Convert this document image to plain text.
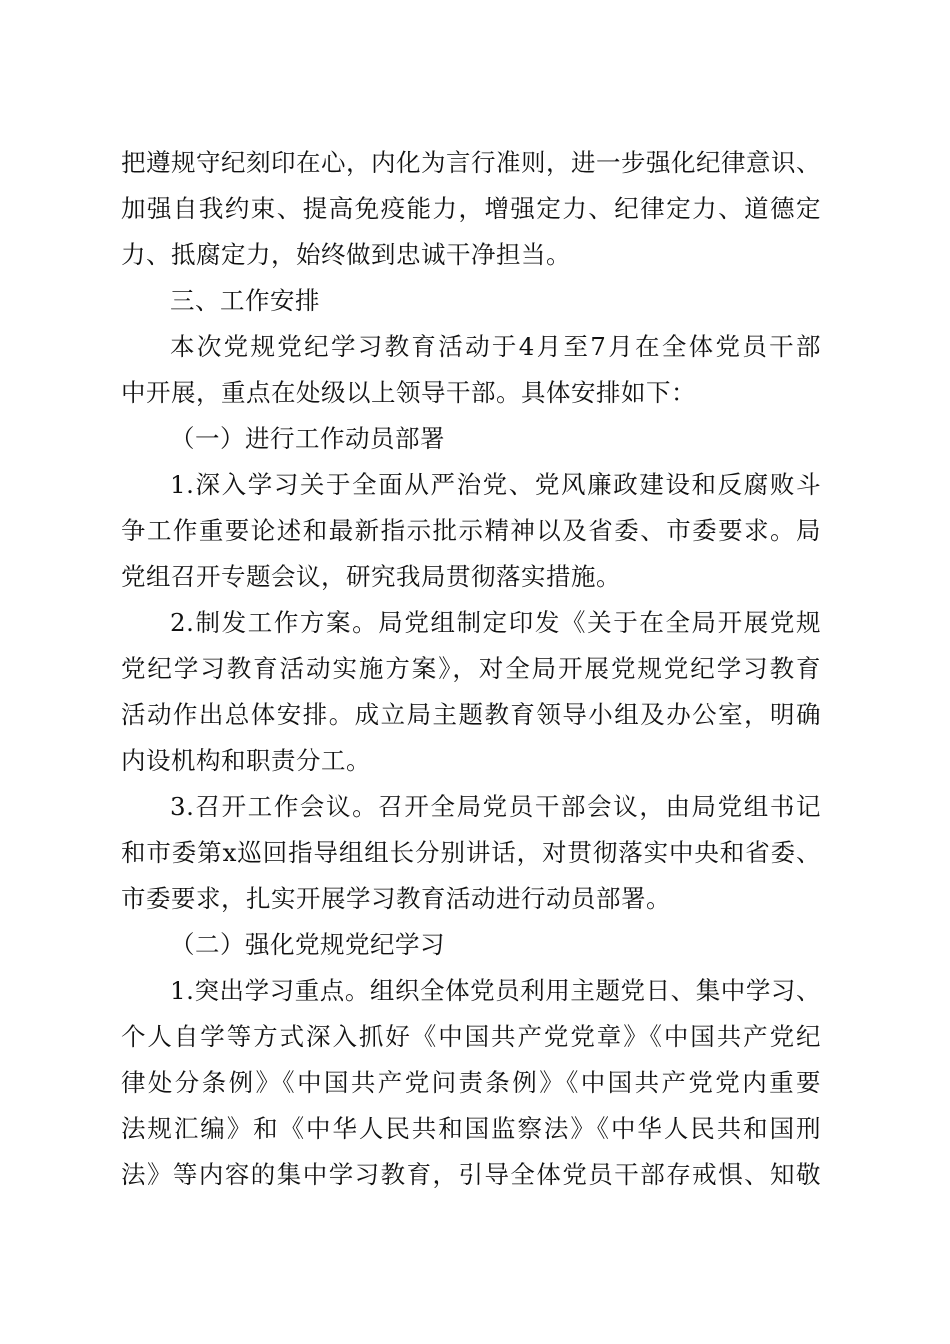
把遵规守纪刻印在心，内化为言行准则，进一步强化纪律意识、
加强自我约束、提高免疫能力，增强定力、纪律定力、道德定
力、抵腐定力，始终做到忠诚干净担当。
三、工作安排
本次党规党纪学习教育活动于4月至7月在全体党员干部
中开展，重点在处级以上领导干部。具体安排如下：
（一）进行工作动员部署
1.深入学习关于全面从严治党、党风廉政建设和反腐败斗
争工作重要论述和最新指示批示精神以及省委、市委要求。局
党组召开专题会议，研究我局贯彻落实措施。
2.制发工作方案。局党组制定印发《关于在全局开展党规
党纪学习教育活动实施方案》，对全局开展党规党纪学习教育
活动作出总体安排。成立局主题教育领导小组及办公室，明确
内设机构和职责分工。
3.召开工作会议。召开全局党员干部会议，由局党组书记
和市委第x巡回指导组组长分别讲话，对贯彻落实中央和省委、
市委要求，扎实开展学习教育活动进行动员部署。
（二）强化党规党纪学习
1.突出学习重点。组织全体党员利用主题党日、集中学习、
个人自学等方式深入抓好《中国共产党党章》《中国共产党纪
律处分条例》《中国共产党问责条例》《中国共产党党内重要
法规汇编》和《中华人民共和国监察法》《中华人民共和国刑
法》等内容的集中学习教育，引导全体党员干部存戒惧、知敬
